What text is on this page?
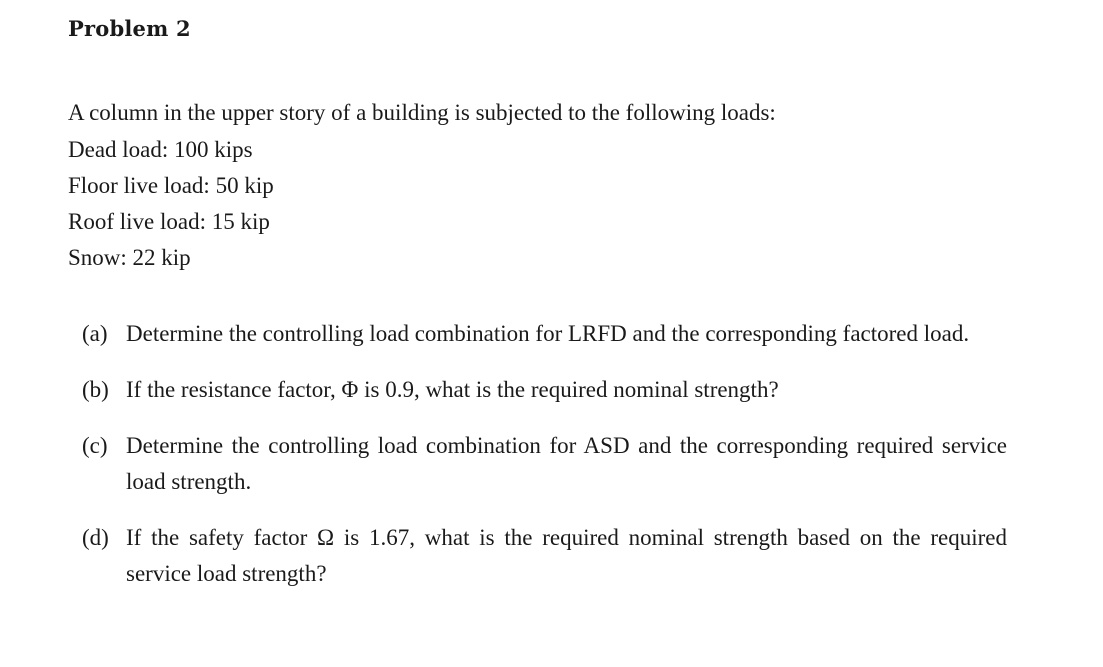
Problem 2
A column in the upper story of a building is subjected to the following loads:
Dead load: 100 kips
Floor live load: 50 kip
Roof live load: 15 kip
Snow: 22 kip
(a) Determine the controlling load combination for LRFD and the corresponding factored load.
(b) If the resistance factor, Φ is 0.9, what is the required nominal strength?
(c) Determine the controlling load combination for ASD and the corresponding required service load strength.
(d) If the safety factor Ω is 1.67, what is the required nominal strength based on the required service load strength?
